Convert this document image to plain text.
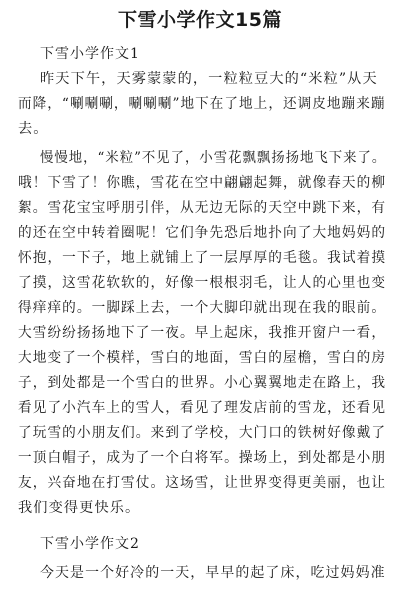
下雪小学作文15篇
下雪小学作文1
昨天下午，天雾蒙蒙的，一粒粒豆大的“米粒”从天
而降，“唰唰唰，唰唰唰”地下在了地上，还调皮地蹦来蹦
去。
慢慢地，“米粒”不见了，小雪花飘飘扬扬地飞下来了。
哦！下雪了！你瞧，雪花在空中翩翩起舞，就像春天的柳
絮。雪花宝宝呼朋引伴，从无边无际的天空中跳下来，有
的还在空中转着圈呢！它们争先恐后地扑向了大地妈妈的
怀抱，一下子，地上就铺上了一层厚厚的毛毯。我试着摸
了摸，这雪花软软的，好像一根根羽毛，让人的心里也变
得痒痒的。一脚踩上去，一个大脚印就出现在我的眼前。
大雪纷纷扬扬地下了一夜。早上起床，我推开窗户一看，
大地变了一个模样，雪白的地面，雪白的屋檐，雪白的房
子，到处都是一个雪白的世界。小心翼翼地走在路上，我
看见了小汽车上的雪人，看见了理发店前的雪龙，还看见
了玩雪的小朋友们。来到了学校，大门口的铁树好像戴了
一顶白帽子，成为了一个白将军。操场上，到处都是小朋
友，兴奋地在打雪仗。这场雪，让世界变得更美丽，也让
我们变得更快乐。
下雪小学作文2
今天是一个好冷的一天，早早的起了床，吃过妈妈准
